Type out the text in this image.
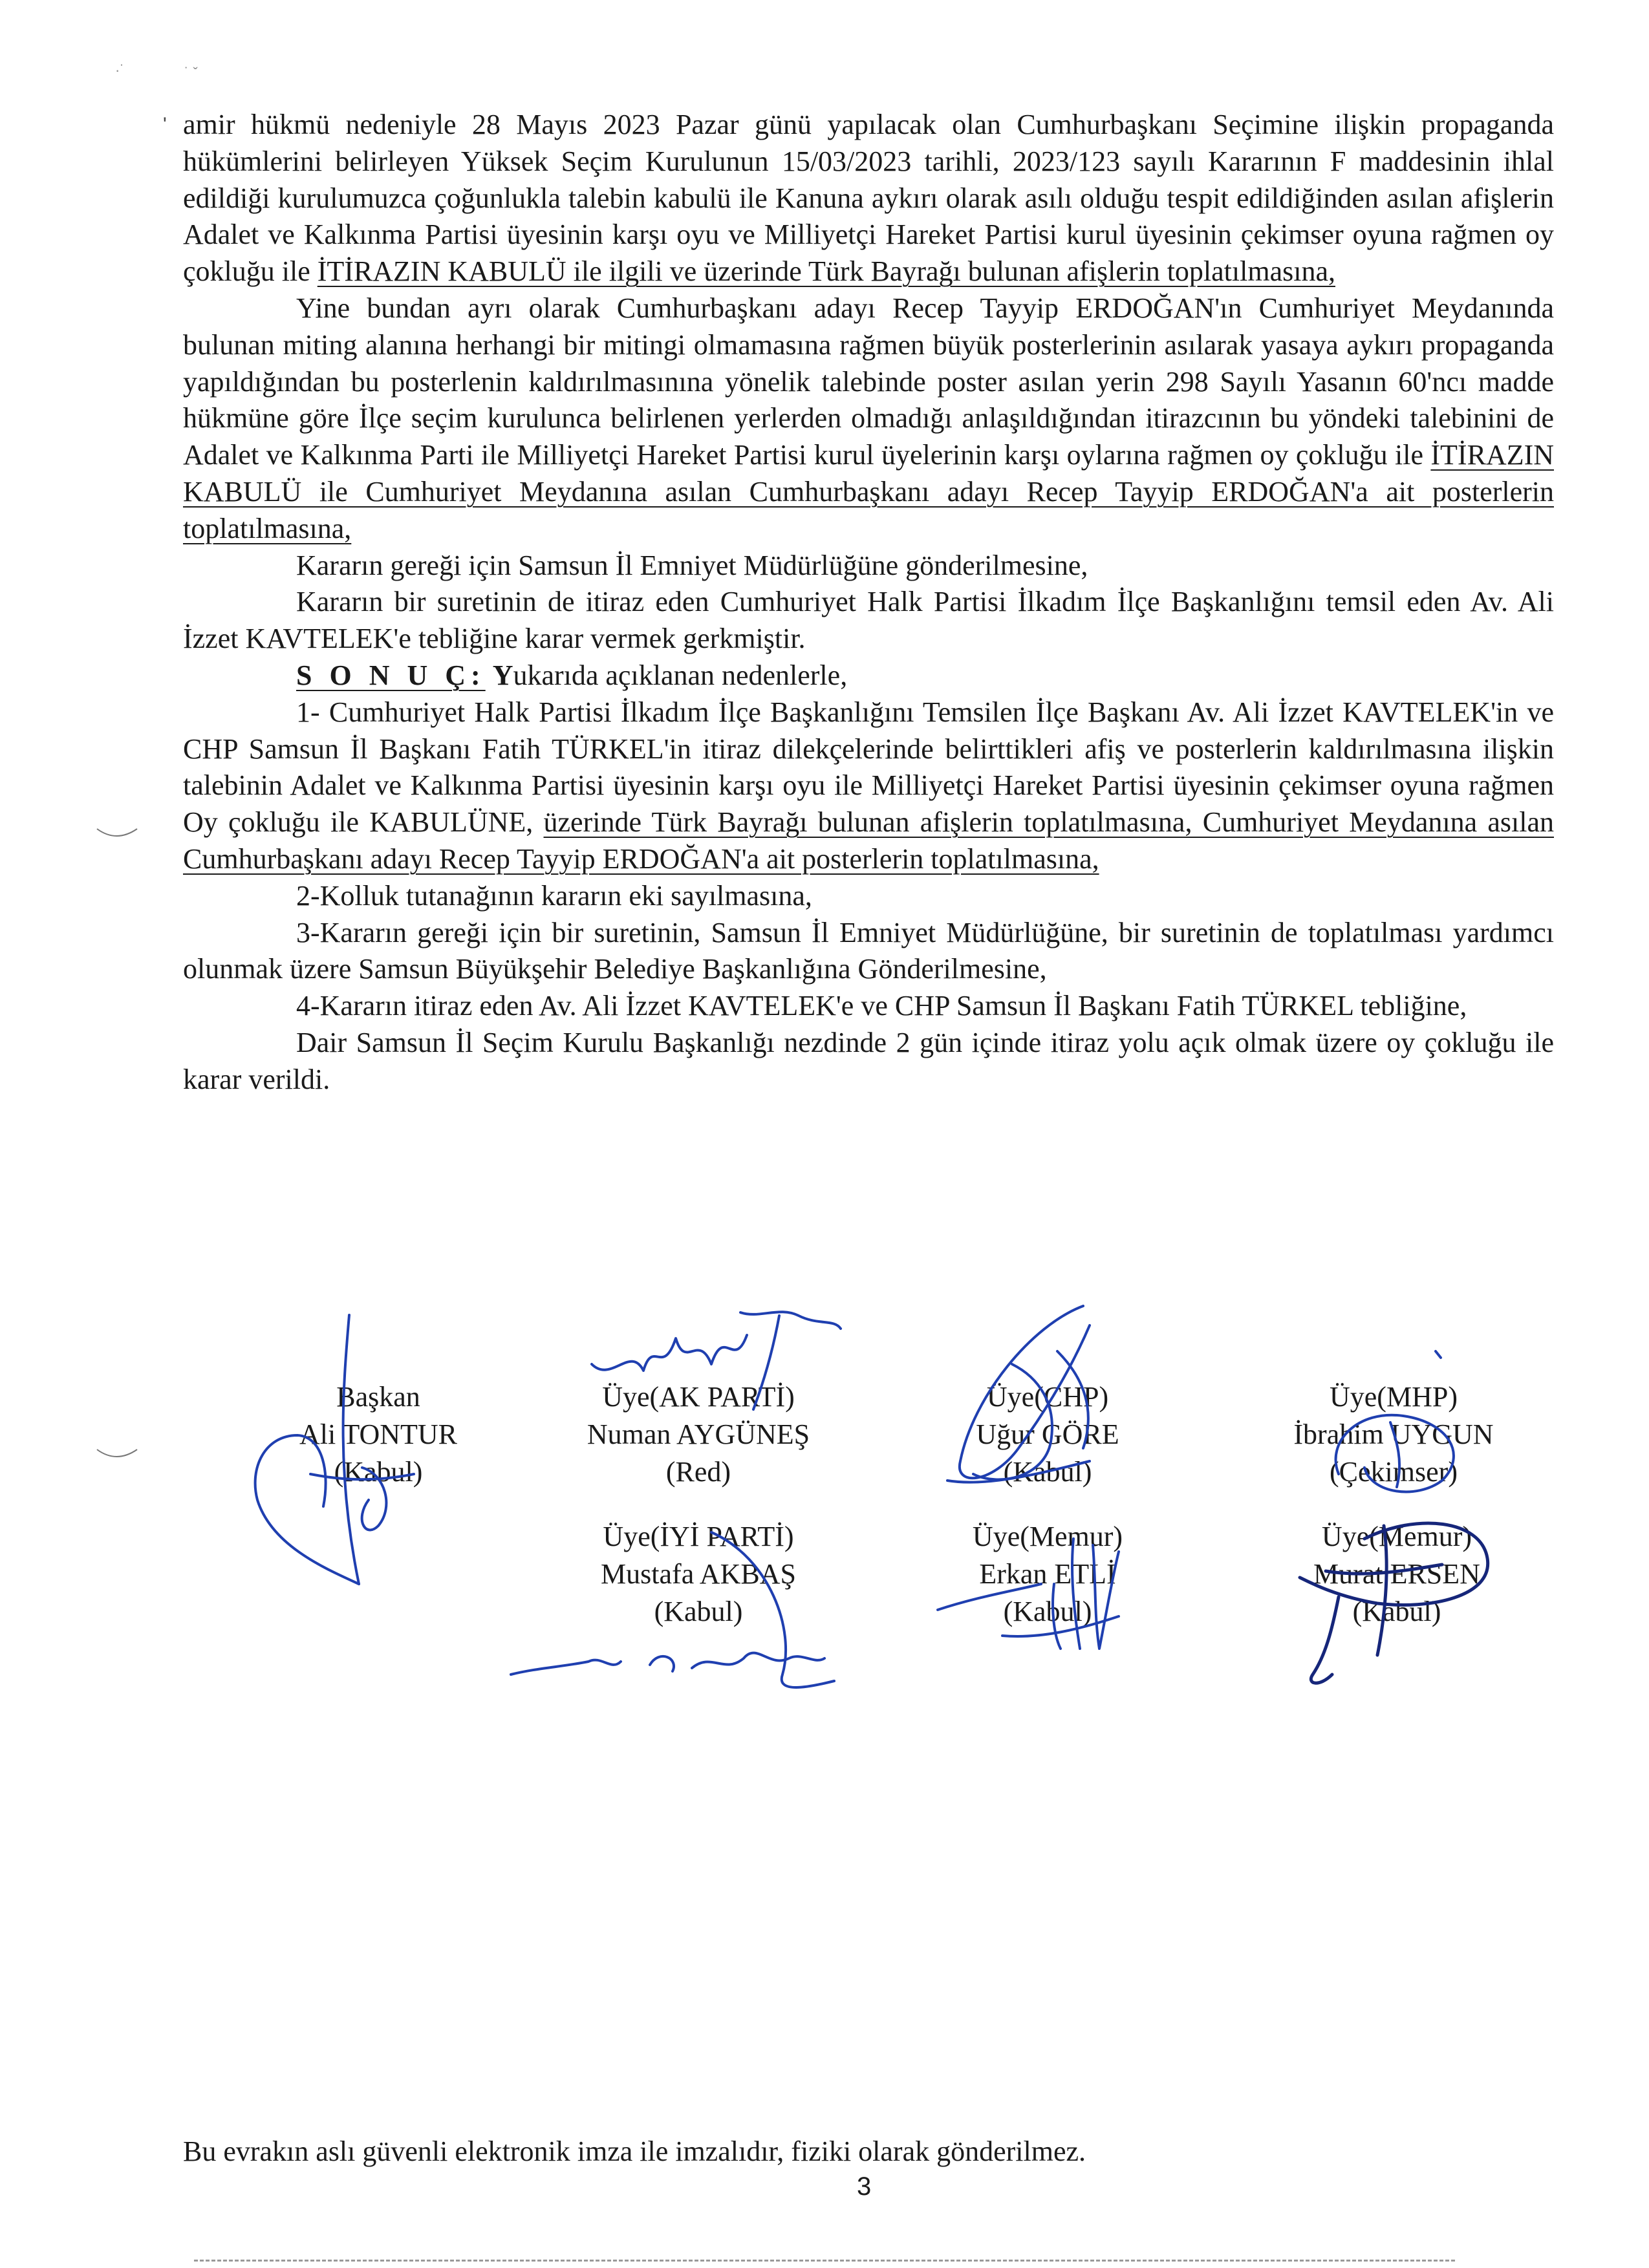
·˙	˙ ˇ
' amir hükmü nedeniyle 28 Mayıs 2023 Pazar günü yapılacak olan Cumhurbaşkanı Seçimine ilişkin propaganda hükümlerini belirleyen Yüksek Seçim Kurulunun 15/03/2023 tarihli, 2023/123 sayılı Kararının F maddesinin ihlal edildiği kurulumuzca çoğunlukla talebin kabulü ile Kanuna aykırı olarak asılı olduğu tespit edildiğinden asılan afişlerin Adalet ve Kalkınma Partisi üyesinin karşı oyu ve Milliyetçi Hareket Partisi kurul üyesinin çekimser oyuna rağmen oy çokluğu ile İTİRAZIN KABULÜ ile ilgili ve üzerinde Türk Bayrağı bulunan afişlerin toplatılmasına,

Yine bundan ayrı olarak Cumhurbaşkanı adayı Recep Tayyip ERDOĞAN'ın Cumhuriyet Meydanında bulunan miting alanına herhangi bir mitingi olmamasına rağmen büyük posterlerinin asılarak yasaya aykırı propaganda yapıldığından bu posterlenin kaldırılmasınına yönelik talebinde poster asılan yerin 298 Sayılı Yasanın 60'ncı madde hükmüne göre İlçe seçim kurulunca belirlenen yerlerden olmadığı anlaşıldığından itirazcının bu yöndeki talebinini de Adalet ve Kalkınma Parti ile Milliyetçi Hareket Partisi kurul üyelerinin karşı oylarına rağmen oy çokluğu ile İTİRAZIN KABULÜ ile Cumhuriyet Meydanına asılan Cumhurbaşkanı adayı Recep Tayyip ERDOĞAN'a ait posterlerin toplatılmasına,

Kararın gereği için Samsun İl Emniyet Müdürlüğüne gönderilmesine,

Kararın bir suretinin de itiraz eden Cumhuriyet Halk Partisi İlkadım İlçe Başkanlığını temsil eden Av. Ali İzzet KAVTELEK'e tebliğine karar vermek gerkmiştir.

S O N U Ç: Yukarıda açıklanan nedenlerle,

1- Cumhuriyet Halk Partisi İlkadım İlçe Başkanlığını Temsilen İlçe Başkanı Av. Ali İzzet KAVTELEK'in ve CHP Samsun İl Başkanı Fatih TÜRKEL'in itiraz dilekçelerinde belirttikleri afiş ve posterlerin kaldırılmasına ilişkin talebinin Adalet ve Kalkınma Partisi üyesinin karşı oyu ile Milliyetçi Hareket Partisi üyesinin çekimser oyuna rağmen Oy çokluğu ile KABULÜNE, üzerinde Türk Bayrağı bulunan afişlerin toplatılmasına, Cumhuriyet Meydanına asılan Cumhurbaşkanı adayı Recep Tayyip ERDOĞAN'a ait posterlerin toplatılmasına,

2-Kolluk tutanağının kararın eki sayılmasına,

3-Kararın gereği için bir suretinin, Samsun İl Emniyet Müdürlüğüne, bir suretinin de toplatılması yardımcı olunmak üzere Samsun Büyükşehir Belediye Başkanlığına Gönderilmesine,

4-Kararın itiraz eden Av. Ali İzzet KAVTELEK'e ve CHP Samsun İl Başkanı Fatih TÜRKEL tebliğine,

Dair Samsun İl Seçim Kurulu Başkanlığı nezdinde 2 gün içinde itiraz yolu açık olmak üzere oy çokluğu ile karar verildi.

Başkan
Ali TONTUR
(Kabul)
Üye(AK PARTİ)
Numan AYGÜNEŞ
(Red)
Üye(CHP)
Uğur GÖRE
(Kabul)
Üye(MHP)
İbrahim UYGUN
(Çekimser)
Üye(İYİ PARTİ)
Mustafa AKBAŞ
(Kabul)
Üye(Memur)
Erkan ETLİ
(Kabul)
Üye(Memur)
Murat ERSEN
(Kabul)
Bu evrakın aslı güvenli elektronik imza ile imzalıdır, fiziki olarak gönderilmez.
3
